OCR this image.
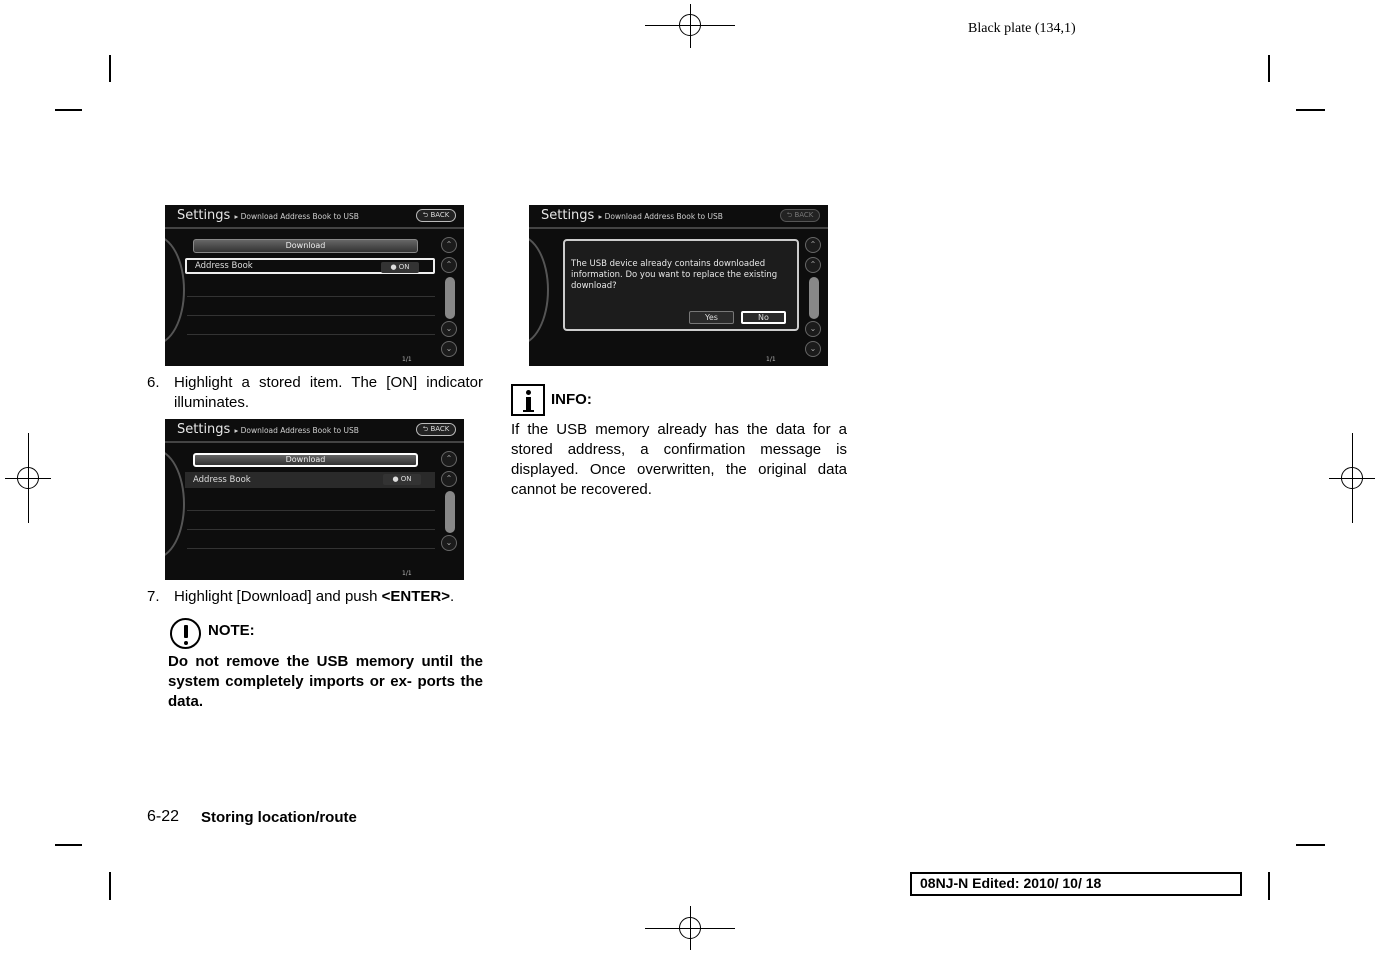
Black plate (134,1)
Settings ▸ Download Address Book to USB	⮌ BACK
Download
Address Book	● ON
⌃
⌃
⌄
⌄
1/1
6. Highlight a stored item. The [ON] indicator illuminates.
Settings ▸ Download Address Book to USB	⮌ BACK
Download
Address Book	● ON
⌃
⌃
⌄
1/1
7. Highlight [Download] and push <ENTER>.
NOTE:
Do not remove the USB memory until the system completely imports or ex- ports the data.
Settings ▸ Download Address Book to USB	⮌ BACK
⌃
⌃
⌄
⌄
The USB device already contains downloaded information. Do you want to replace the existing download?
Yes	No
1/1
INFO:
If the USB memory already has the data for a stored address, a confirmation message is displayed. Once overwritten, the original data cannot be recovered.
6-22 Storing location/route
08NJ-N Edited: 2010/ 10/ 18
